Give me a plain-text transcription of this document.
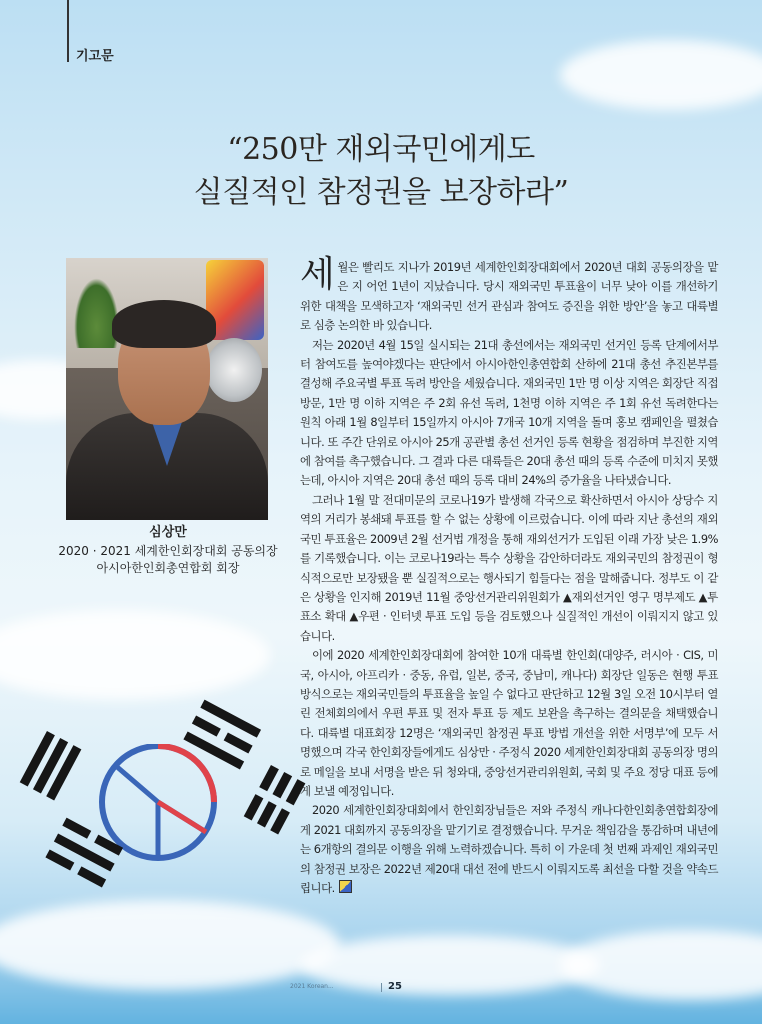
기고문
“250만 재외국민에게도
실질적인 참정권을 보장하라”
심상만
2020 · 2021 세계한인회장대회 공동의장
아시아한인회총연합회 회장

세월은 빨리도 지나가 2019년 세계한인회장대회에서 2020년 대회 공동의장을 맡은 지 어언 1년이 지났습니다. 당시 재외국민 투표율이 너무 낮아 이를 개선하기 위한 대책을 모색하고자 ‘재외국민 선거 관심과 참여도 증진을 위한 방안’을 놓고 대륙별로 심층 논의한 바 있습니다.

저는 2020년 4월 15일 실시되는 21대 총선에서는 재외국민 선거인 등록 단계에서부터 참여도를 높여야겠다는 판단에서 아시아한인총연합회 산하에 21대 총선 추진본부를 결성해 주요국별 투표 독려 방안을 세웠습니다. 재외국민 1만 명 이상 지역은 회장단 직접 방문, 1만 명 이하 지역은 주 2회 유선 독려, 1천명 이하 지역은 주 1회 유선 독려한다는 원칙 아래 1월 8일부터 15일까지 아시아 7개국 10개 지역을 돌며 홍보 캠페인을 펼쳤습니다. 또 주간 단위로 아시아 25개 공관별 총선 선거인 등록 현황을 점검하며 부진한 지역에 참여를 촉구했습니다. 그 결과 다른 대륙들은 20대 총선 때의 등록 수준에 미치지 못했는데, 아시아 지역은 20대 총선 때의 등록 대비 24%의 증가율을 나타냈습니다.

그러나 1월 말 전대미문의 코로나19가 발생해 각국으로 확산하면서 아시아 상당수 지역의 거리가 봉쇄돼 투표를 할 수 없는 상황에 이르렀습니다. 이에 따라 지난 총선의 재외국민 투표율은 2009년 2월 선거법 개정을 통해 재외선거가 도입된 이래 가장 낮은 1.9%를 기록했습니다. 이는 코로나19라는 특수 상황을 감안하더라도 재외국민의 참정권이 형식적으로만 보장됐을 뿐 실질적으로는 행사되기 힘들다는 점을 말해줍니다. 정부도 이 같은 상황을 인지해 2019년 11월 중앙선거관리위원회가 ▲재외선거인 영구 명부제도 ▲투표소 확대 ▲우편 · 인터넷 투표 도입 등을 검토했으나 실질적인 개선이 이뤄지지 않고 있습니다.

이에 2020 세계한인회장대회에 참여한 10개 대륙별 한인회(대양주, 러시아 · CIS, 미국, 아시아, 아프리카 · 중동, 유럽, 일본, 중국, 중남미, 캐나다) 회장단 일동은 현행 투표 방식으로는 재외국민들의 투표율을 높일 수 없다고 판단하고 12월 3일 오전 10시부터 열린 전체회의에서 우편 투표 및 전자 투표 등 제도 보완을 촉구하는 결의문을 채택했습니다. 대륙별 대표회장 12명은 ‘재외국민 참정권 투표 방법 개선을 위한 서명부’에 모두 서명했으며 각국 한인회장들에게도 심상만 · 주정식 2020 세계한인회장대회 공동의장 명의로 메일을 보내 서명을 받은 뒤 청와대, 중앙선거관리위원회, 국회 및 주요 정당 대표 등에게 보낼 예정입니다.

2020 세계한인회장대회에서 한인회장님들은 저와 주정식 캐나다한인회총연합회장에게 2021 대회까지 공동의장을 맡기기로 결정했습니다. 무거운 책임감을 통감하며 내년에는 6개항의 결의문 이행을 위해 노력하겠습니다. 특히 이 가운데 첫 번째 과제인 재외국민의 참정권 보장은 2022년 제20대 대선 전에 반드시 이뤄지도록 최선을 다할 것을 약속드립니다.

2021 Korean...	25
